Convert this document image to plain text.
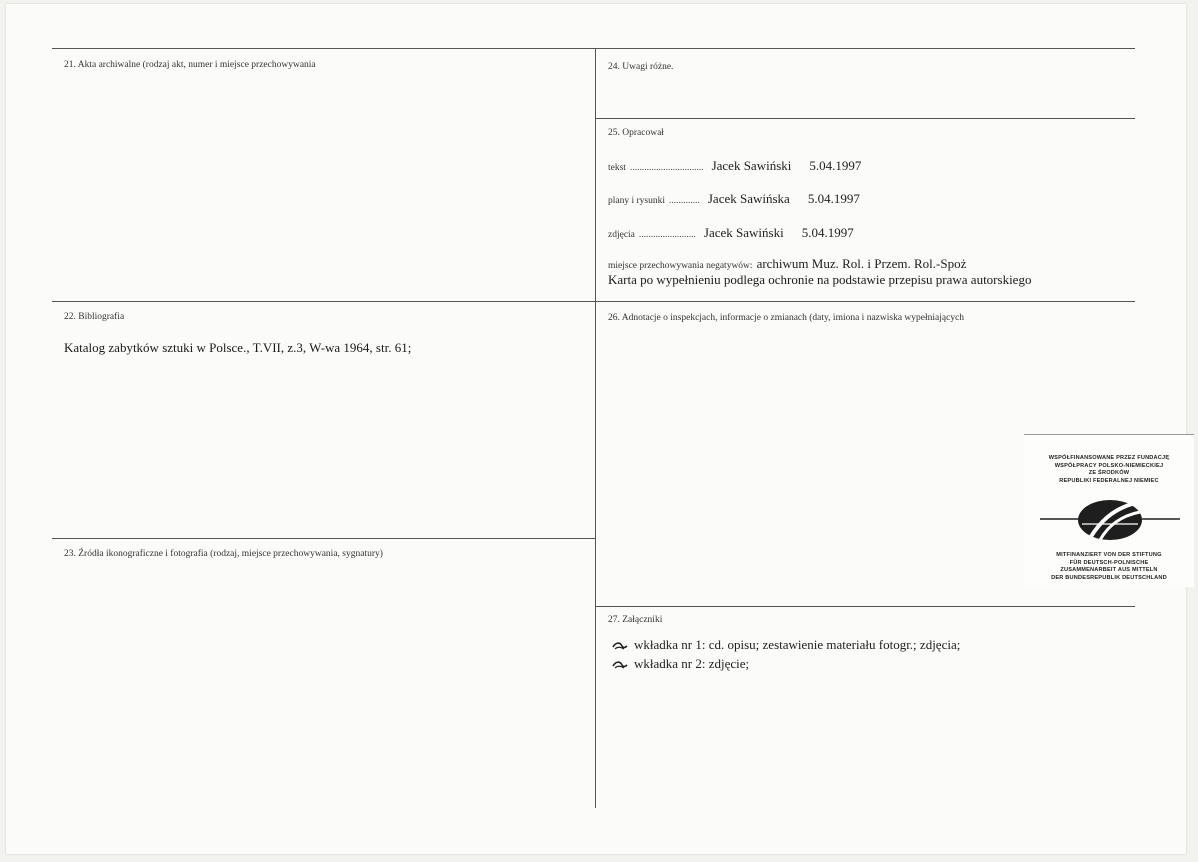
21. Akta archiwalne (rodzaj akt, numer i miejsce przechowywania	24. Uwagi różne.
25. Opracował
tekst ............................... Jacek Sawiński 5.04.1997
plany i rysunki ............. Jacek Sawińska 5.04.1997
zdjęcia ........................ Jacek Sawiński 5.04.1997
miejsce przechowywania negatywów: archiwum Muz. Rol. i Przem. Rol.-Spoż
Karta po wypełnieniu podlega ochronie na podstawie przepisu prawa autorskiego
22. Bibliografia
Katalog zabytków sztuki w Polsce., T.VII, z.3, W-wa 1964, str. 61;
26. Adnotacje o inspekcjach, informacje o zmianach (daty, imiona i nazwiska wypełniających
23. Źródła ikonograficzne i fotografia (rodzaj, miejsce przechowywania, sygnatury)
27. Załączniki
wkładka nr 1: cd. opisu; zestawienie materiału fotogr.; zdjęcia;
wkładka nr 2: zdjęcie;
WSPÓŁFINANSOWANE PRZEZ FUNDACJĘ
WSPÓŁPRACY POLSKO-NIEMIECKIEJ
ZE ŚRODKÓW
REPUBLIKI FEDERALNEJ NIEMIEC
MITFINANZIERT VON DER STIFTUNG
FÜR DEUTSCH-POLNISCHE
ZUSAMMENARBEIT AUS MITTELN
DER BUNDESREPUBLIK DEUTSCHLAND
